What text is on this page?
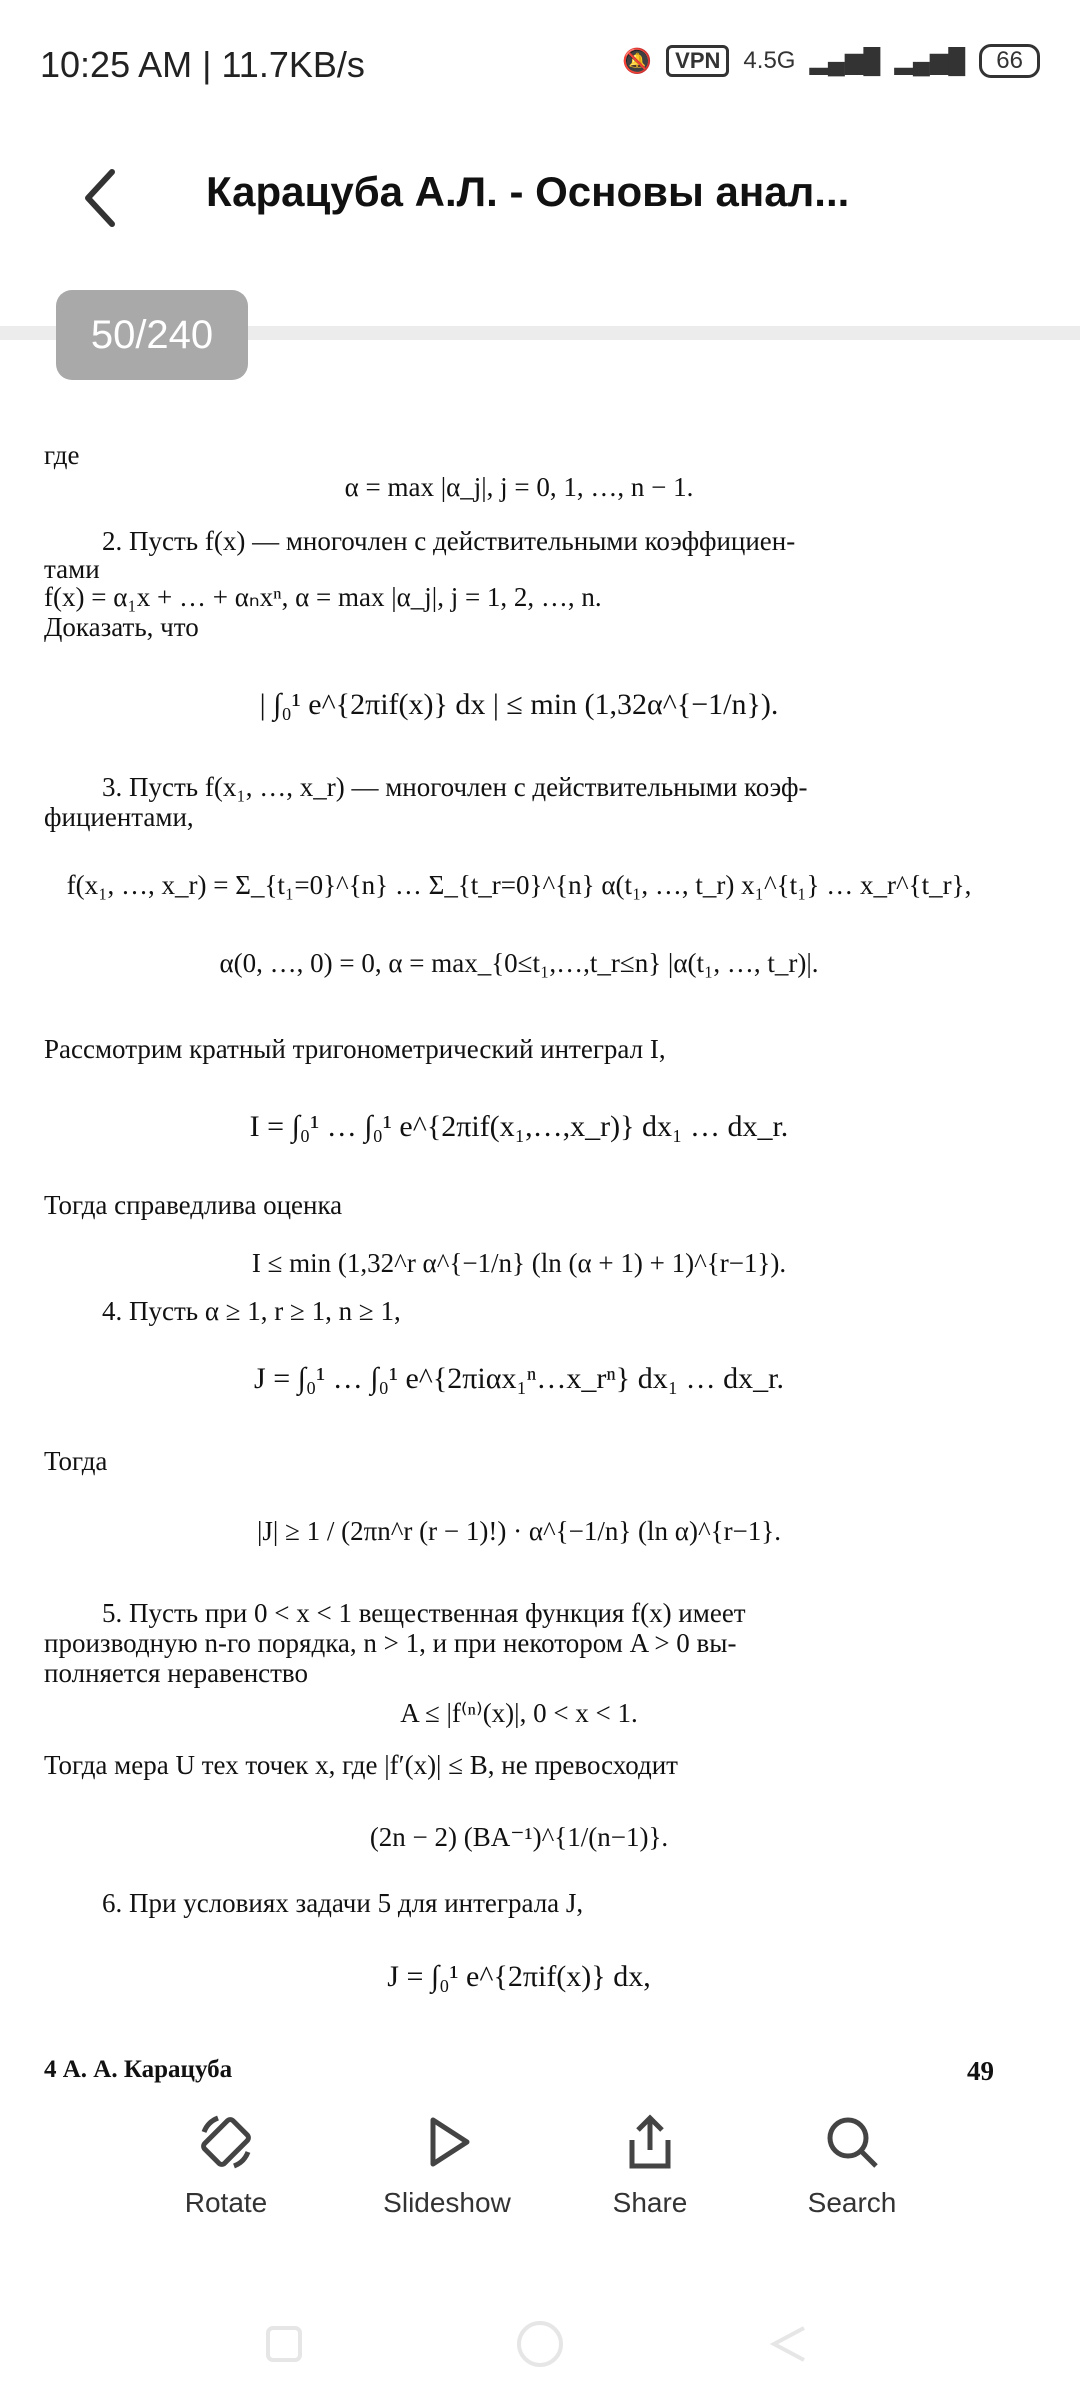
10:25 AM | 11.7KB/s	🔕	VPN 4.5G ▂▄▆█ ▂▄▆█	66
Карацуба А.Л. - Основы анал...
50/240
где
α = max |α_j|, j = 0, 1, …, n − 1.
2. Пусть f(x) — многочлен с действительными коэффициен-
тами
f(x) = α₁x + … + αₙxⁿ, α = max |α_j|, j = 1, 2, …, n.
Доказать, что
| ∫₀¹ e^{2πif(x)} dx | ≤ min (1,32α^{−1/n}).
3. Пусть f(x₁, …, x_r) — многочлен с действительными коэф-
фициентами,
f(x₁, …, x_r) = Σ_{t₁=0}^{n} … Σ_{t_r=0}^{n} α(t₁, …, t_r) x₁^{t₁} … x_r^{t_r},
α(0, …, 0) = 0, α = max_{0≤t₁,…,t_r≤n} |α(t₁, …, t_r)|.
Рассмотрим кратный тригонометрический интеграл I,
I = ∫₀¹ … ∫₀¹ e^{2πif(x₁,…,x_r)} dx₁ … dx_r.
Тогда справедлива оценка
I ≤ min (1,32^r α^{−1/n} (ln (α + 1) + 1)^{r−1}).
4. Пусть α ≥ 1, r ≥ 1, n ≥ 1,
J = ∫₀¹ … ∫₀¹ e^{2πiαx₁ⁿ…x_rⁿ} dx₁ … dx_r.
Тогда
|J| ≥ 1 / (2πn^r (r − 1)!) · α^{−1/n} (ln α)^{r−1}.
5. Пусть при 0 < x < 1 вещественная функция f(x) имеет
производную n-го порядка, n > 1, и при некотором A > 0 вы-
полняется неравенство
A ≤ |f⁽ⁿ⁾(x)|, 0 < x < 1.
Тогда мера U тех точек x, где |f′(x)| ≤ B, не превосходит
(2n − 2) (BA⁻¹)^{1/(n−1)}.
6. При условиях задачи 5 для интеграла J,
J = ∫₀¹ e^{2πif(x)} dx,
4 А. А. Карацуба	49
Rotate	Slideshow	Share	Search
